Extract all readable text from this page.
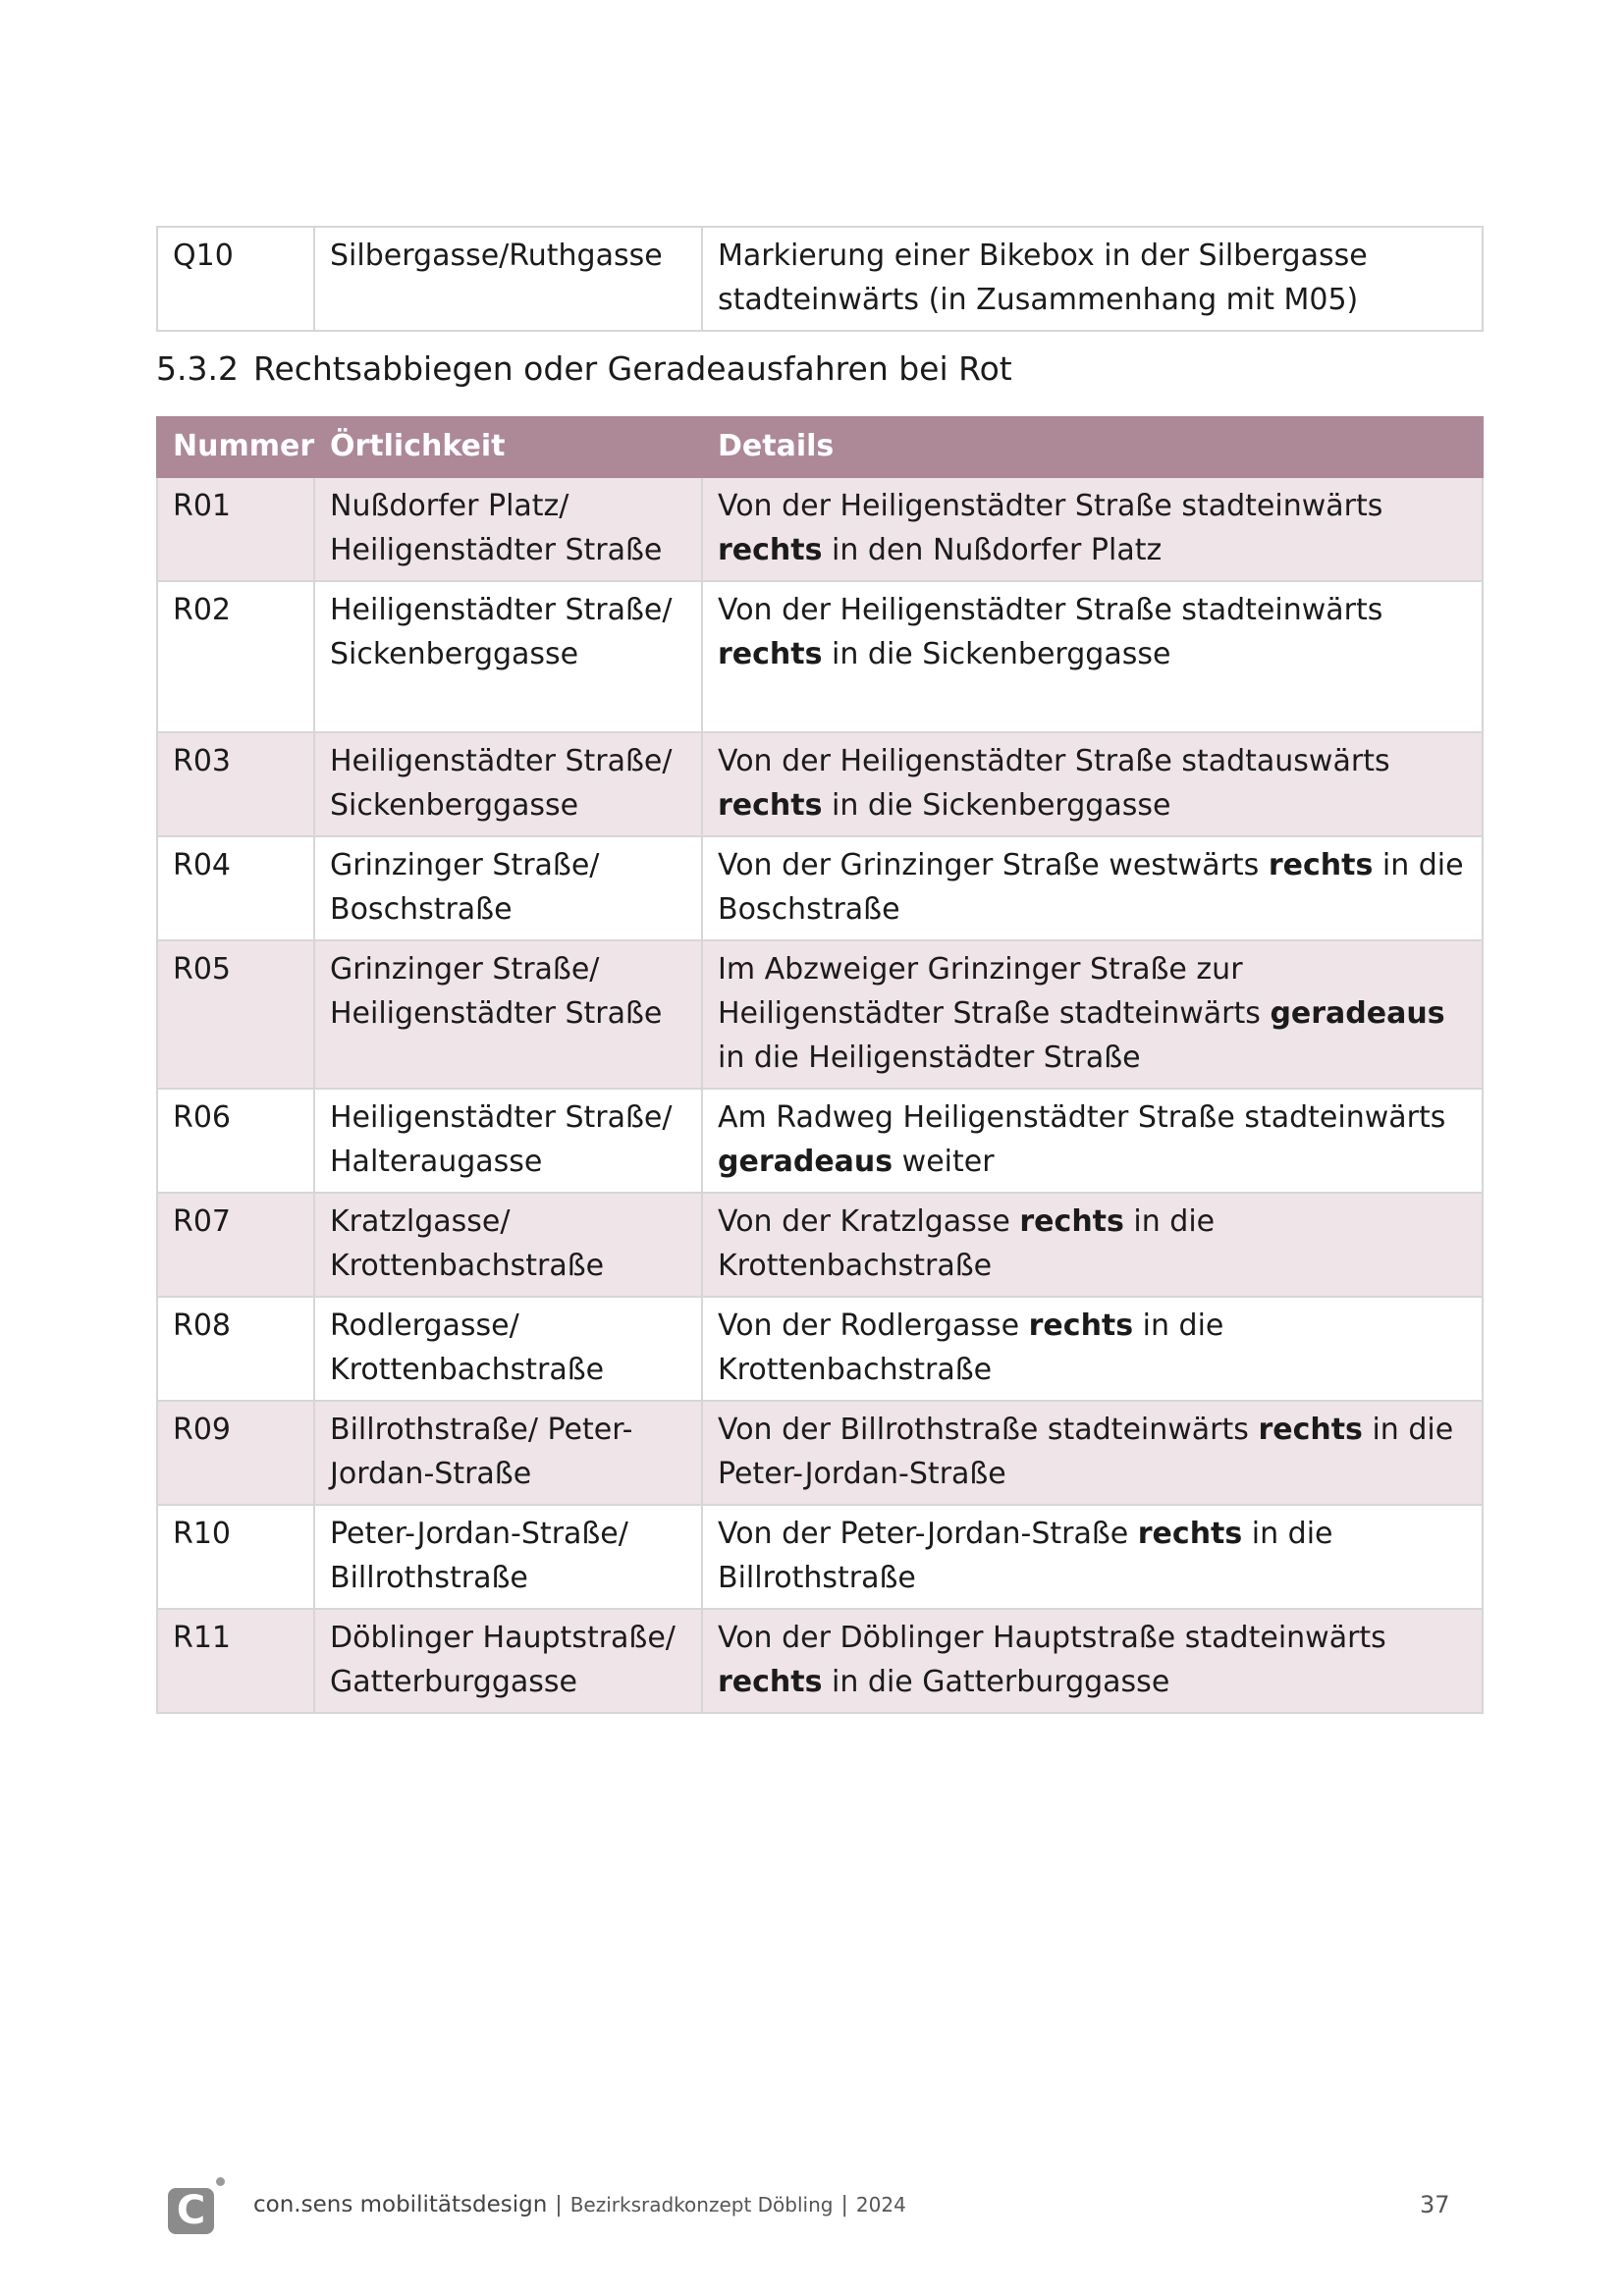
Q10	Silbergasse/Ruthgasse	Markierung einer Bikebox in der Silbergasse stadteinwärts (in Zusammenhang mit M05)
5.3.2 Rechtsabbiegen oder Geradeausfahren bei Rot
Nummer	Örtlichkeit	Details
R01	Nußdorfer Platz/ Heiligenstädter Straße	Von der Heiligenstädter Straße stadteinwärts rechts in den Nußdorfer Platz
R02	Heiligenstädter Straße/ Sickenberggasse	Von der Heiligenstädter Straße stadteinwärts rechts in die Sickenberggasse
R03	Heiligenstädter Straße/ Sickenberggasse	Von der Heiligenstädter Straße stadtauswärts rechts in die Sickenberggasse
R04	Grinzinger Straße/ Boschstraße	Von der Grinzinger Straße westwärts rechts in die Boschstraße
R05	Grinzinger Straße/ Heiligenstädter Straße	Im Abzweiger Grinzinger Straße zur Heiligenstädter Straße stadteinwärts geradeaus in die Heiligenstädter Straße
R06	Heiligenstädter Straße/ Halteraugasse	Am Radweg Heiligenstädter Straße stadteinwärts geradeaus weiter
R07	Kratzlgasse/ Krottenbachstraße	Von der Kratzlgasse rechts in die Krottenbachstraße
R08	Rodlergasse/ Krottenbachstraße	Von der Rodlergasse rechts in die Krottenbachstraße
R09	Billrothstraße/ Peter-Jordan-Straße	Von der Billrothstraße stadteinwärts rechts in die Peter-Jordan-Straße
R10	Peter-Jordan-Straße/ Billrothstraße	Von der Peter-Jordan-Straße rechts in die Billrothstraße
R11	Döblinger Hauptstraße/ Gatterburggasse	Von der Döblinger Hauptstraße stadteinwärts rechts in die Gatterburggasse
C	con.sens mobilitätsdesign | Bezirksradkonzept Döbling | 2024	37
